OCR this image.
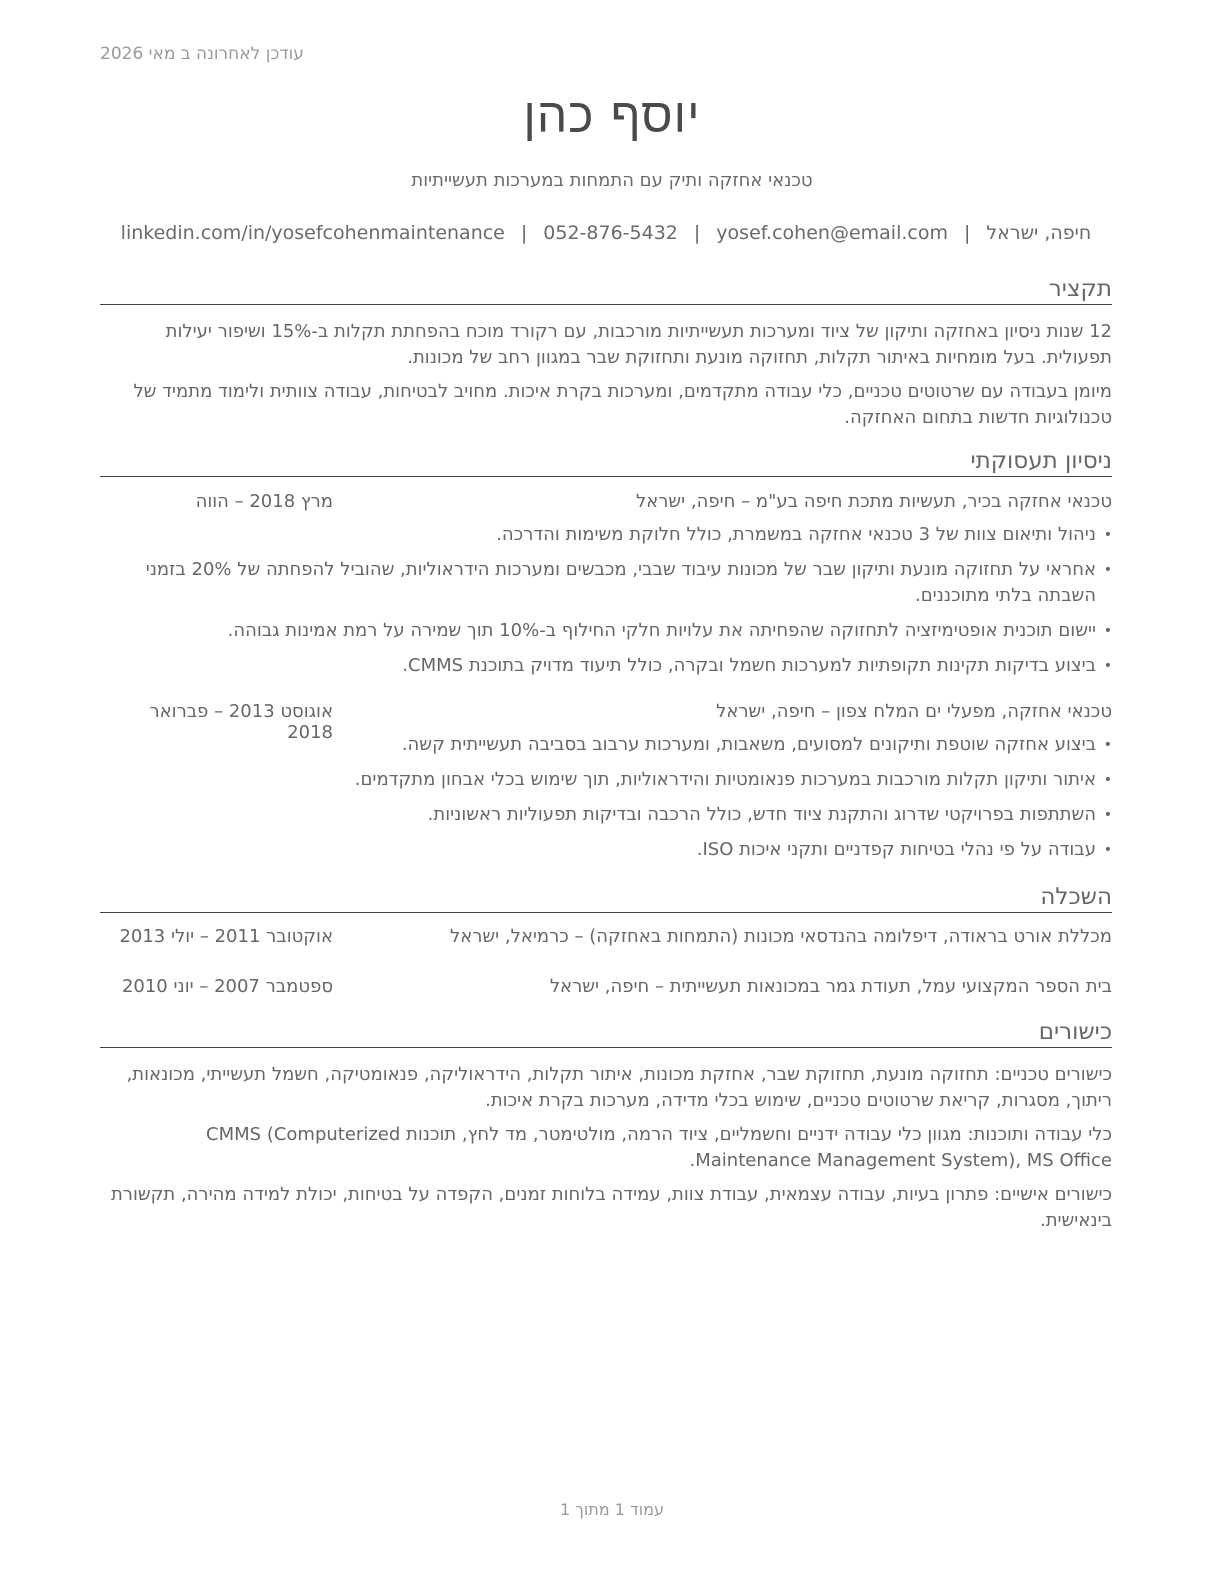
עודכן לאחרונה ב מאי 2026
יוסף כהן
טכנאי אחזקה ותיק עם התמחות במערכות תעשייתיות
חיפה, ישראל
|
yosef.cohen@email.com
|
052-876-5432
|
linkedin.com/in/yosefcohenmaintenance
תקציר

12 שנות ניסיון באחזקה ותיקון של ציוד ומערכות תעשייתיות מורכבות, עם רקורד מוכח בהפחתת תקלות ב-15% ושיפור יעילות תפעולית. בעל מומחיות באיתור תקלות, תחזוקה מונעת ותחזוקת שבר במגוון רחב של מכונות.

מיומן בעבודה עם שרטוטים טכניים, כלי עבודה מתקדמים, ומערכות בקרת איכות. מחויב לבטיחות, עבודה צוותית ולימוד מתמיד של טכנולוגיות חדשות בתחום האחזקה.

ניסיון תעסוקתי
טכנאי אחזקה בכיר, תעשיות מתכת חיפה בע"מ – חיפה, ישראל
מרץ 2018 – הווה
• ניהול ותיאום צוות של 3 טכנאי אחזקה במשמרת, כולל חלוקת משימות והדרכה.
• אחראי על תחזוקה מונעת ותיקון שבר של מכונות עיבוד שבבי, מכבשים ומערכות הידראוליות, שהוביל להפחתה של 20% בזמני השבתה בלתי מתוכננים.
• יישום תוכנית אופטימיזציה לתחזוקה שהפחיתה את עלויות חלקי החילוף ב-10% תוך שמירה על רמת אמינות גבוהה.
• ביצוע בדיקות תקינות תקופתיות למערכות חשמל ובקרה, כולל תיעוד מדויק בתוכנת CMMS.
טכנאי אחזקה, מפעלי ים המלח צפון – חיפה, ישראל
אוגוסט 2013 – פברואר 2018
• ביצוע אחזקה שוטפת ותיקונים למסועים, משאבות, ומערכות ערבוב בסביבה תעשייתית קשה.
• איתור ותיקון תקלות מורכבות במערכות פנאומטיות והידראוליות, תוך שימוש בכלי אבחון מתקדמים.
• השתתפות בפרויקטי שדרוג והתקנת ציוד חדש, כולל הרכבה ובדיקות תפעוליות ראשוניות.
• עבודה על פי נהלי בטיחות קפדניים ותקני איכות ISO.
השכלה
מכללת אורט בראודה, דיפלומה בהנדסאי מכונות (התמחות באחזקה) – כרמיאל, ישראל
אוקטובר 2011 – יולי 2013
בית הספר המקצועי עמל, תעודת גמר במכונאות תעשייתית – חיפה, ישראל
ספטמבר 2007 – יוני 2010
כישורים

כישורים טכניים: תחזוקה מונעת, תחזוקת שבר, אחזקת מכונות, איתור תקלות, הידראוליקה, פנאומטיקה, חשמל תעשייתי, מכונאות, ריתוך, מסגרות, קריאת שרטוטים טכניים, שימוש בכלי מדידה, מערכות בקרת איכות.

כלי עבודה ותוכנות: מגוון כלי עבודה ידניים וחשמליים, ציוד הרמה, מולטימטר, מד לחץ, תוכנות CMMS (Computerized Maintenance Management System), MS Office.

כישורים אישיים: פתרון בעיות, עבודה עצמאית, עבודת צוות, עמידה בלוחות זמנים, הקפדה על בטיחות, יכולת למידה מהירה, תקשורת בינאישית.

עמוד 1 מתוך 1
